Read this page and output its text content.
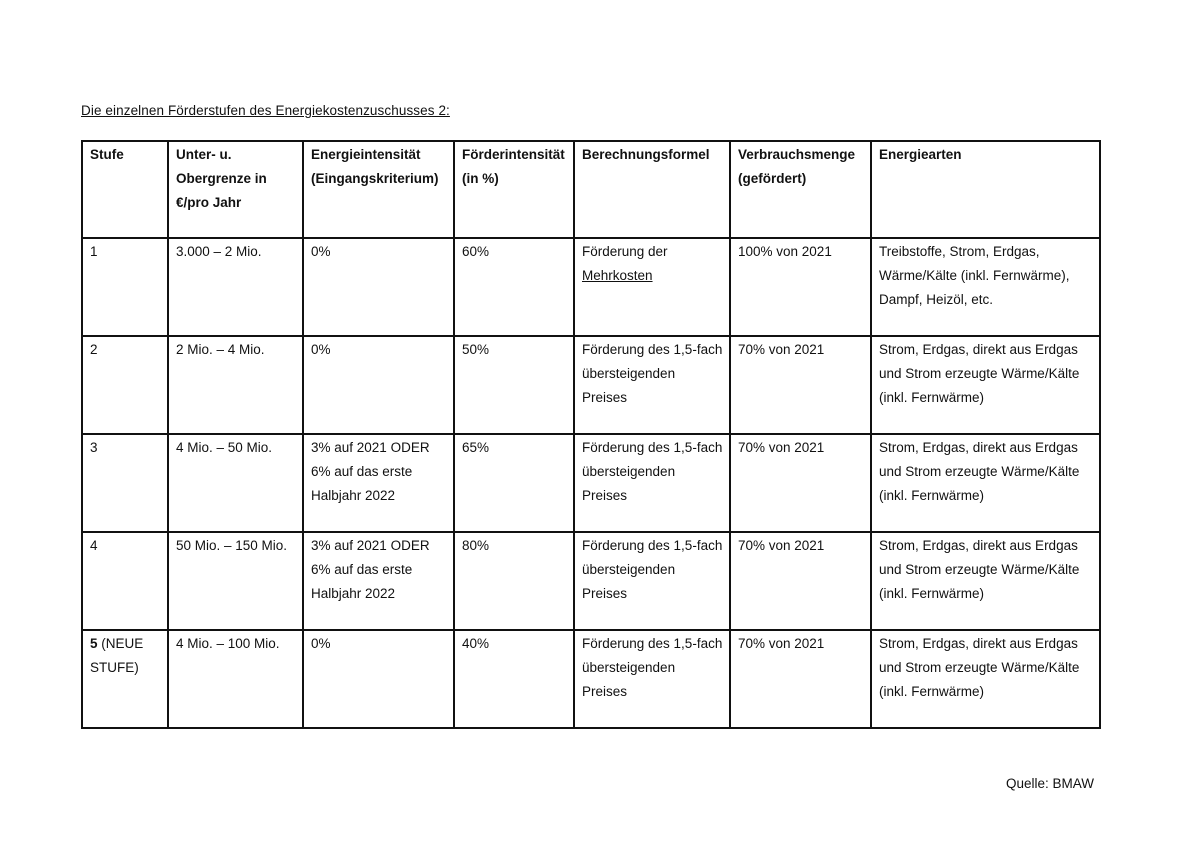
Die einzelnen Förderstufen des Energiekostenzuschusses 2:
Stufe	Unter- u. Obergrenze in €/pro Jahr	Energieintensität (Eingangskriterium)	Förderintensität (in %)	Berechnungsformel	Verbrauchsmenge (gefördert)	Energiearten
1	3.000 – 2 Mio.	0%	60%	Förderung der Mehrkosten	100% von 2021	Treibstoffe, Strom, Erdgas, Wärme/Kälte (inkl. Fernwärme), Dampf, Heizöl, etc.
2	2 Mio. – 4 Mio.	0%	50%	Förderung des 1,5-fach übersteigenden Preises	70% von 2021	Strom, Erdgas, direkt aus Erdgas und Strom erzeugte Wärme/Kälte (inkl. Fernwärme)
3	4 Mio. – 50 Mio.	3% auf 2021 ODER 6% auf das erste Halbjahr 2022	65%	Förderung des 1,5-fach übersteigenden Preises	70% von 2021	Strom, Erdgas, direkt aus Erdgas und Strom erzeugte Wärme/Kälte (inkl. Fernwärme)
4	50 Mio. – 150 Mio.	3% auf 2021 ODER 6% auf das erste Halbjahr 2022	80%	Förderung des 1,5-fach übersteigenden Preises	70% von 2021	Strom, Erdgas, direkt aus Erdgas und Strom erzeugte Wärme/Kälte (inkl. Fernwärme)
5 (NEUE STUFE)	4 Mio. – 100 Mio.	0%	40%	Förderung des 1,5-fach übersteigenden Preises	70% von 2021	Strom, Erdgas, direkt aus Erdgas und Strom erzeugte Wärme/Kälte (inkl. Fernwärme)
Quelle: BMAW
